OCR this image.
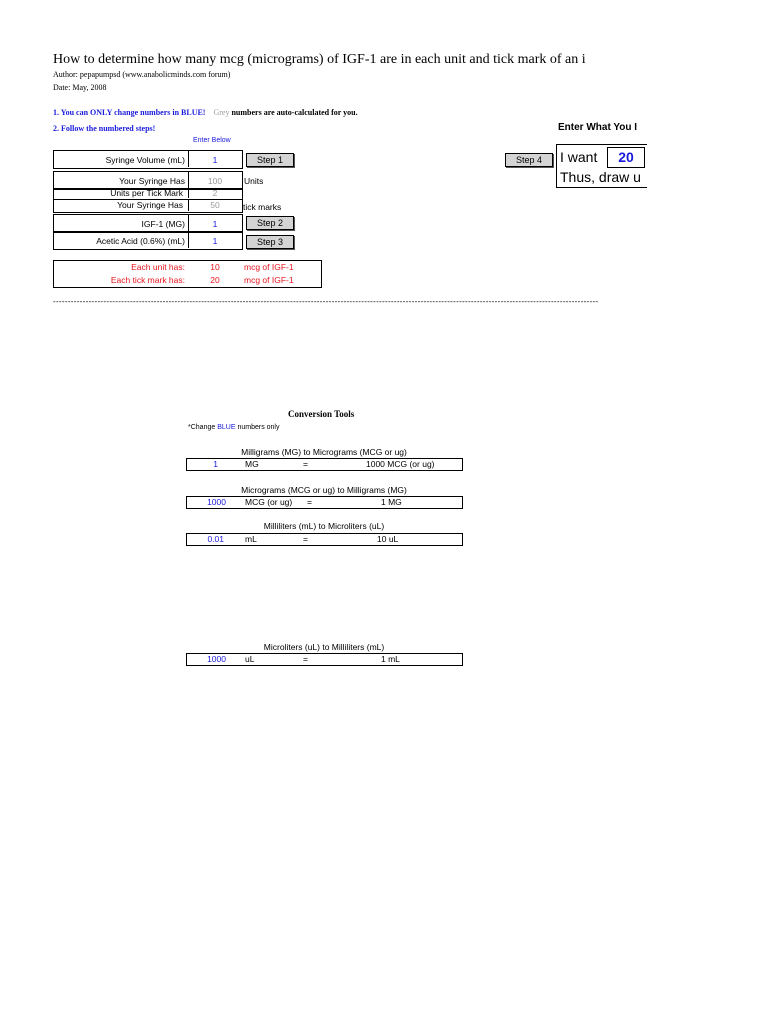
How to determine how many mcg (micrograms) of IGF-1 are in each unit and tick mark of an i
Author: pepapumpsd (www.anabolicminds.com forum)
Date: May, 2008
1. You can ONLY change numbers in BLUE! Grey numbers are auto-calculated for you.
2. Follow the numbered steps!
Enter Below
Syringe Volume (mL)	1	Step 1
Your Syringe Has	100	Units
Units per Tick Mark	2
Your Syringe Has	50	tick marks
IGF-1 (MG)	1	Step 2
Acetic Acid (0.6%) (mL)	1	Step 3
Each unit has:	10	mcg of IGF-1
Each tick mark has:	20	mcg of IGF-1
Enter What You I
Step 4	I want	20
Thus, draw u
----------------------------------------------------------------------------------------------------------------------------------------------------------------------------------------
Conversion Tools
*Change BLUE numbers only
Milligrams (MG) to Micrograms (MCG or ug)
1	MG	=	1000 MCG (or ug)
Micrograms (MCG or ug) to Milligrams (MG)
1000 MCG (or ug) =	1 MG
Milliliters (mL) to Microliters (uL)
0.01 mL	=	10 uL
Microliters (uL) to Milliliters (mL)
1000 uL	=	1 mL
